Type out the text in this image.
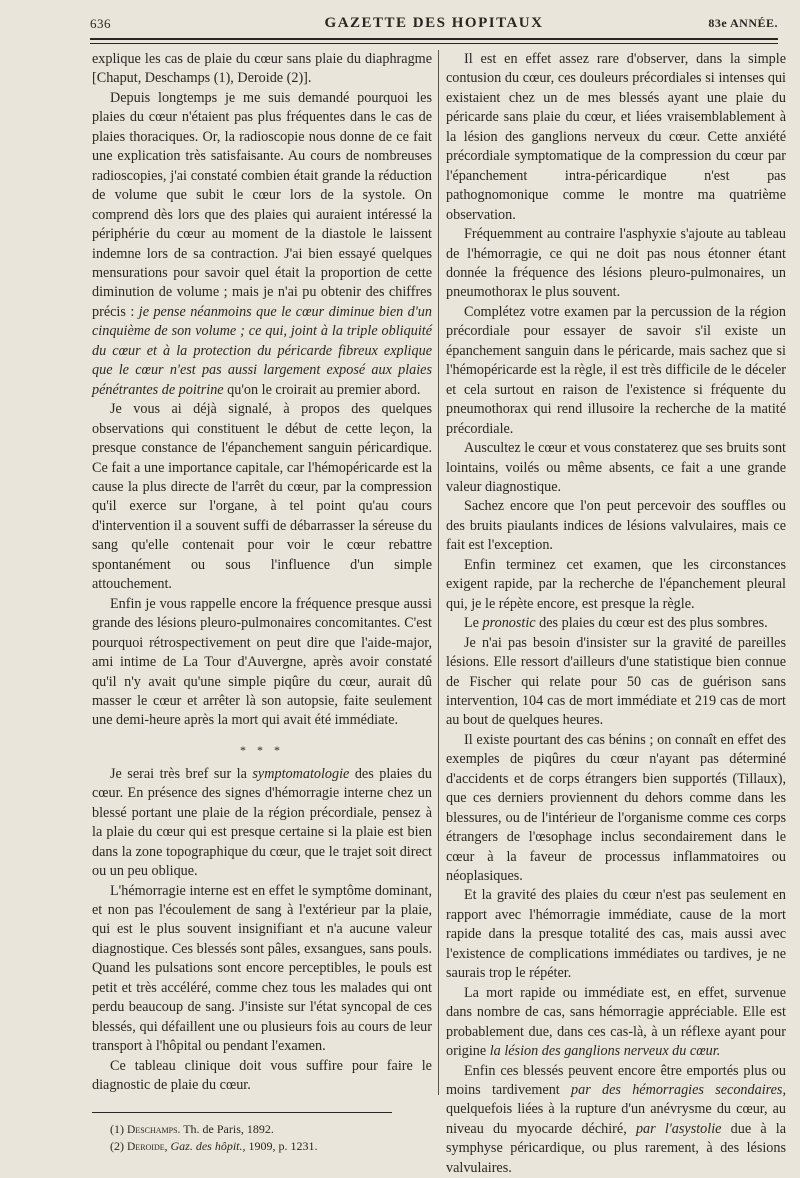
636	GAZETTE DES HOPITAUX	83e ANNÉE.

explique les cas de plaie du cœur sans plaie du diaphragme [Chaput, Deschamps (1), Deroide (2)].

Depuis longtemps je me suis demandé pourquoi les plaies du cœur n'étaient pas plus fréquentes dans le cas de plaies thoraciques. Or, la radioscopie nous donne de ce fait une explication très satisfaisante. Au cours de nombreuses radioscopies, j'ai constaté combien était grande la réduction de volume que subit le cœur lors de la systole. On comprend dès lors que des plaies qui auraient intéressé la périphérie du cœur au moment de la diastole le laissent indemne lors de sa contraction. J'ai bien essayé quelques mensurations pour savoir quel était la proportion de cette diminution de volume ; mais je n'ai pu obtenir des chiffres précis : je pense néanmoins que le cœur diminue bien d'un cinquième de son volume ; ce qui, joint à la triple obliquité du cœur et à la protection du péricarde fibreux explique que le cœur n'est pas aussi largement exposé aux plaies pénétrantes de poitrine qu'on le croirait au premier abord.

Je vous ai déjà signalé, à propos des quelques observations qui constituent le début de cette leçon, la presque constance de l'épanchement sanguin péricardique. Ce fait a une importance capitale, car l'hémopéricarde est la cause la plus directe de l'arrêt du cœur, par la compression qu'il exerce sur l'organe, à tel point qu'au cours d'intervention il a souvent suffi de débarrasser la séreuse du sang qu'elle contenait pour voir le cœur rebattre spontanément ou sous l'influence d'un simple attouchement.

Enfin je vous rappelle encore la fréquence presque aussi grande des lésions pleuro-pulmonaires concomitantes. C'est pourquoi rétrospectivement on peut dire que l'aide-major, ami intime de La Tour d'Auvergne, après avoir constaté qu'il n'y avait qu'une simple piqûre du cœur, aurait dû masser le cœur et arrêter là son autopsie, faite seulement une demi-heure après la mort qui avait été immédiate.

* * *

Je serai très bref sur la symptomatologie des plaies du cœur. En présence des signes d'hémorragie interne chez un blessé portant une plaie de la région précordiale, pensez à la plaie du cœur qui est presque certaine si la plaie est bien dans la zone topographique du cœur, que le trajet soit direct ou un peu oblique.

L'hémorragie interne est en effet le symptôme dominant, et non pas l'écoulement de sang à l'extérieur par la plaie, qui est le plus souvent insignifiant et n'a aucune valeur diagnostique. Ces blessés sont pâles, exsangues, sans pouls. Quand les pulsations sont encore perceptibles, le pouls est petit et très accéléré, comme chez tous les malades qui ont perdu beaucoup de sang. J'insiste sur l'état syncopal de ces blessés, qui défaillent une ou plusieurs fois au cours de leur transport à l'hôpital ou pendant l'examen.

Ce tableau clinique doit vous suffire pour faire le diagnostic de plaie du cœur.

(1) Deschamps. Th. de Paris, 1892.

(2) Deroide, Gaz. des hôpit., 1909, p. 1231.

Il est en effet assez rare d'observer, dans la simple contusion du cœur, ces douleurs précordiales si intenses qui existaient chez un de mes blessés ayant une plaie du péricarde sans plaie du cœur, et liées vraisemblablement à la lésion des ganglions nerveux du cœur. Cette anxiété précordiale symptomatique de la compression du cœur par l'épanchement intra-péricardique n'est pas pathognomonique comme le montre ma quatrième observation.

Fréquemment au contraire l'asphyxie s'ajoute au tableau de l'hémorragie, ce qui ne doit pas nous étonner étant donnée la fréquence des lésions pleuro-pulmonaires, un pneumothorax le plus souvent.

Complétez votre examen par la percussion de la région précordiale pour essayer de savoir s'il existe un épanchement sanguin dans le péricarde, mais sachez que si l'hémopéricarde est la règle, il est très difficile de le déceler et cela surtout en raison de l'existence si fréquente du pneumothorax qui rend illusoire la recherche de la matité précordiale.

Auscultez le cœur et vous constaterez que ses bruits sont lointains, voilés ou même absents, ce fait a une grande valeur diagnostique.

Sachez encore que l'on peut percevoir des souffles ou des bruits piaulants indices de lésions valvulaires, mais ce fait est l'exception.

Enfin terminez cet examen, que les circonstances exigent rapide, par la recherche de l'épanchement pleural qui, je le répète encore, est presque la règle.

Le pronostic des plaies du cœur est des plus sombres.

Je n'ai pas besoin d'insister sur la gravité de pareilles lésions. Elle ressort d'ailleurs d'une statistique bien connue de Fischer qui relate pour 50 cas de guérison sans intervention, 104 cas de mort immédiate et 219 cas de mort au bout de quelques heures.

Il existe pourtant des cas bénins ; on connaît en effet des exemples de piqûres du cœur n'ayant pas déterminé d'accidents et de corps étrangers bien supportés (Tillaux), que ces derniers proviennent du dehors comme dans les blessures, ou de l'intérieur de l'organisme comme ces corps étrangers de l'œsophage inclus secondairement dans le cœur à la faveur de processus inflammatoires ou néoplasiques.

Et la gravité des plaies du cœur n'est pas seulement en rapport avec l'hémorragie immédiate, cause de la mort rapide dans la presque totalité des cas, mais aussi avec l'existence de complications immédiates ou tardives, je ne saurais trop le répéter.

La mort rapide ou immédiate est, en effet, survenue dans nombre de cas, sans hémorragie appréciable. Elle est probablement due, dans ces cas-là, à un réflexe ayant pour origine la lésion des ganglions nerveux du cœur.

Enfin ces blessés peuvent encore être emportés plus ou moins tardivement par des hémorragies secondaires, quelquefois liées à la rupture d'un anévrysme du cœur, au niveau du myocarde déchiré, par l'asystolie due à la symphyse péricardique, ou plus rarement, à des lésions valvulaires.
